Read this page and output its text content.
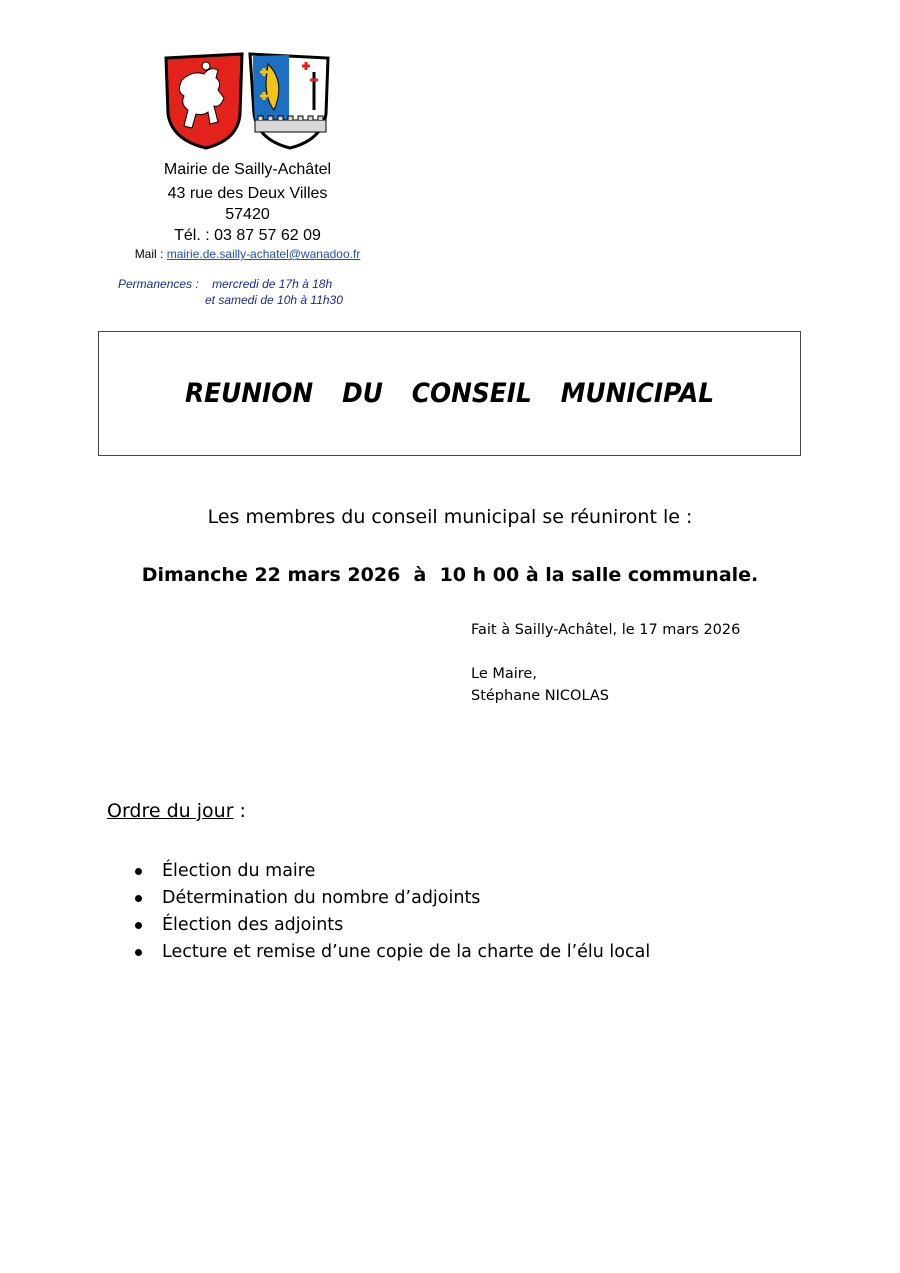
Mairie de Sailly-Achâtel
43 rue des Deux Villes
57420
Tél. : 03 87 57 62 09
Mail : mairie.de.sailly-achatel@wanadoo.fr
Permanences : mercredi de 17h à 18h
et samedi de 10h à 11h30
REUNION DU CONSEIL MUNICIPAL
Les membres du conseil municipal se réuniront le :
Dimanche 22 mars 2026  à  10 h 00 à la salle communale.
Fait à Sailly-Achâtel, le 17 mars 2026
Le Maire,
Stéphane NICOLAS
Ordre du jour :
Élection du maire
Détermination du nombre d’adjoints
Élection des adjoints
Lecture et remise d’une copie de la charte de l’élu local
